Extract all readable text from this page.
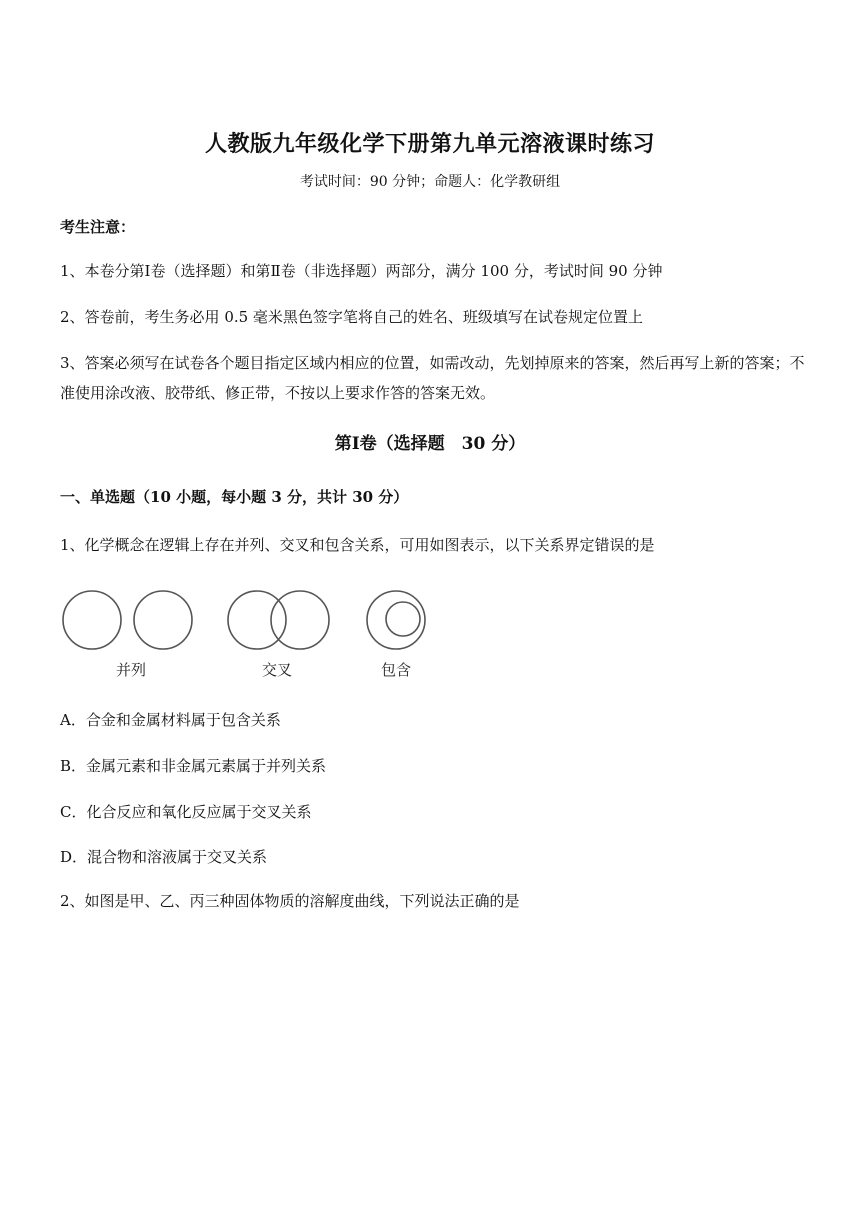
人教版九年级化学下册第九单元溶液课时练习
考试时间：90 分钟；命题人：化学教研组
考生注意：
1、本卷分第Ⅰ卷（选择题）和第Ⅱ卷（非选择题）两部分，满分 100 分，考试时间 90 分钟
2、答卷前，考生务必用 0.5 毫米黑色签字笔将自己的姓名、班级填写在试卷规定位置上
3、答案必须写在试卷各个题目指定区域内相应的位置，如需改动，先划掉原来的答案，然后再写上新的答案；不准使用涂改液、胶带纸、修正带，不按以上要求作答的答案无效。
第Ⅰ卷（选择题　30 分）
一、单选题（10 小题，每小题 3 分，共计 30 分）
1、化学概念在逻辑上存在并列、交叉和包含关系，可用如图表示，以下关系界定错误的是
并列	交叉	包含
A．合金和金属材料属于包含关系
B．金属元素和非金属元素属于并列关系
C．化合反应和氧化反应属于交叉关系
D．混合物和溶液属于交叉关系
2、如图是甲、乙、丙三种固体物质的溶解度曲线，下列说法正确的是
